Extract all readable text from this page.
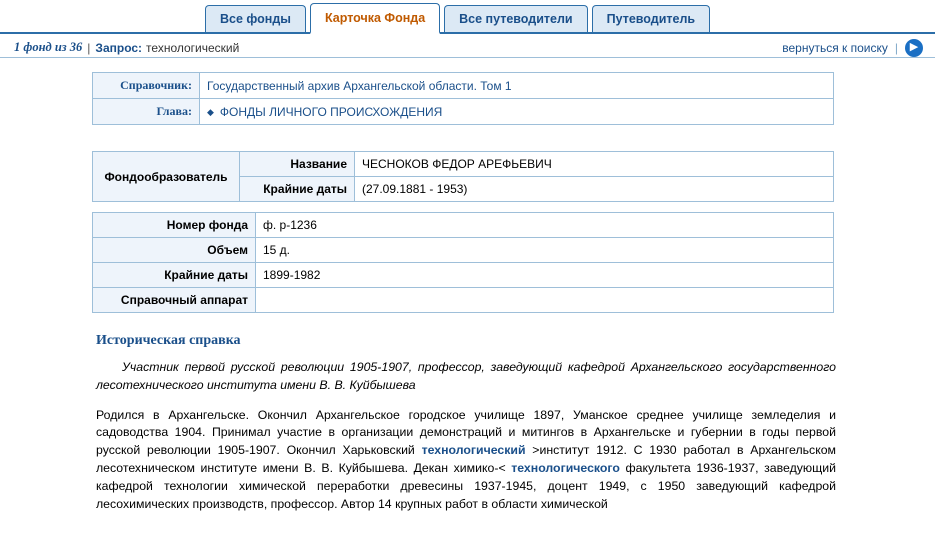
Все фонды	Карточка Фонда	Все путеводители	Путеводитель
1 фонд из 36 | Запрос: технологический	вернуться к поиску |	▶
Справочник:	Государственный архив Архангельской области. Том 1
Глава:	◆ ФОНДЫ ЛИЧНОГО ПРОИСХОЖДЕНИЯ
Фондообразователь	Название	ЧЕСНОКОВ ФЕДОР АРЕФЬЕВИЧ
	Крайние даты	(27.09.1881 - 1953)
Номер фонда	ф. р-1236
Объем	15 д.
Крайние даты	1899-1982
Справочный аппарат	
Историческая справка
Участник первой русской революции 1905-1907, профессор, заведующий кафедрой Архангельского государственного лесотехнического института имени В. В. Куйбышева
Родился в Архангельске. Окончил Архангельское городское училище 1897, Уманское среднее училище земледелия и садоводства 1904. Принимал участие в организации демонстраций и митингов в Архангельске и губернии в годы первой русской революции 1905-1907. Окончил Харьковский технологический >институт 1912. С 1930 работал в Архангельском лесотехническом институте имени В. В. Куйбышева. Декан химико-< технологического факультета 1936-1937, заведующий кафедрой технологии химической переработки древесины 1937-1945, доцент 1949, с 1950 заведующий кафедрой лесохимических производств, профессор. Автор 14 крупных работ в области химической
